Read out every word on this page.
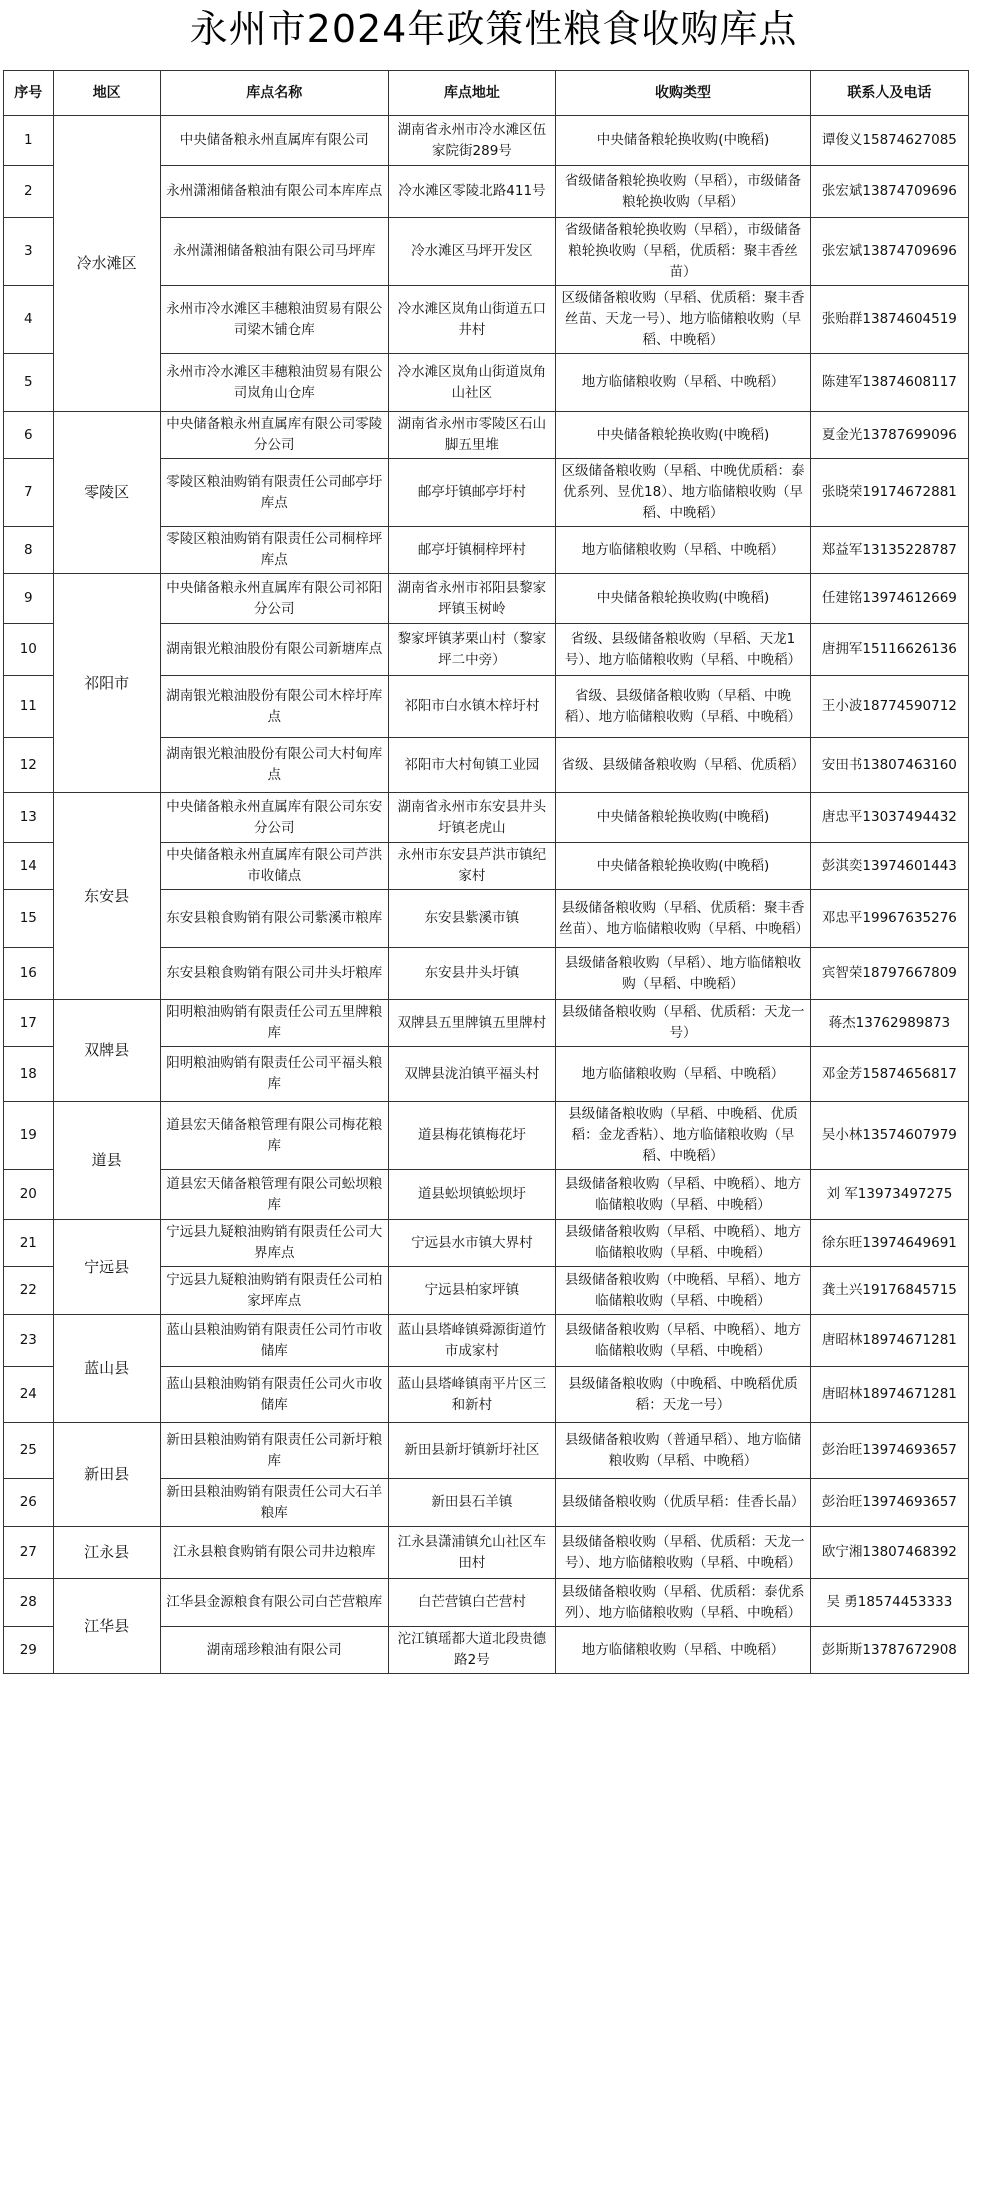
永州市2024年政策性粮食收购库点
序号	地区	库点名称	库点地址	收购类型	联系人及电话
1	冷水滩区	中央储备粮永州直属库有限公司	湖南省永州市冷水滩区伍家院街289号	中央储备粮轮换收购(中晚稻)	谭俊义15874627085
2		永州潇湘储备粮油有限公司本库库点	冷水滩区零陵北路411号	省级储备粮轮换收购（早稻），市级储备粮轮换收购（早稻）	张宏斌13874709696
3		永州潇湘储备粮油有限公司马坪库	冷水滩区马坪开发区	省级储备粮轮换收购（早稻），市级储备粮轮换收购（早稻，优质稻：聚丰香丝苗）	张宏斌13874709696
4		永州市冷水滩区丰穗粮油贸易有限公司梁木铺仓库	冷水滩区岚角山街道五口井村	区级储备粮收购（早稻、优质稻：聚丰香丝苗、天龙一号）、地方临储粮收购（早稻、中晚稻）	张贻群13874604519
5		永州市冷水滩区丰穗粮油贸易有限公司岚角山仓库	冷水滩区岚角山街道岚角山社区	地方临储粮收购（早稻、中晚稻）	陈建军13874608117
6	零陵区	中央储备粮永州直属库有限公司零陵分公司	湖南省永州市零陵区石山脚五里堆	中央储备粮轮换收购(中晚稻)	夏金光13787699096
7		零陵区粮油购销有限责任公司邮亭圩库点	邮亭圩镇邮亭圩村	区级储备粮收购（早稻、中晚优质稻：泰优系列、昱优18）、地方临储粮收购（早稻、中晚稻）	张晓荣19174672881
8		零陵区粮油购销有限责任公司桐梓坪库点	邮亭圩镇桐梓坪村	地方临储粮收购（早稻、中晚稻）	郑益军13135228787
9	祁阳市	中央储备粮永州直属库有限公司祁阳分公司	湖南省永州市祁阳县黎家坪镇玉树岭	中央储备粮轮换收购(中晚稻)	任建铭13974612669
10		湖南银光粮油股份有限公司新塘库点	黎家坪镇茅栗山村（黎家坪二中旁）	省级、县级储备粮收购（早稻、天龙1号）、地方临储粮收购（早稻、中晚稻）	唐拥军15116626136
11		湖南银光粮油股份有限公司木梓圩库点	祁阳市白水镇木梓圩村	省级、县级储备粮收购（早稻、中晚稻）、地方临储粮收购（早稻、中晚稻）	王小波18774590712
12		湖南银光粮油股份有限公司大村甸库点	祁阳市大村甸镇工业园	省级、县级储备粮收购（早稻、优质稻）	安田书13807463160
13	东安县	中央储备粮永州直属库有限公司东安分公司	湖南省永州市东安县井头圩镇老虎山	中央储备粮轮换收购(中晚稻)	唐忠平13037494432
14		中央储备粮永州直属库有限公司芦洪市收储点	永州市东安县芦洪市镇纪家村	中央储备粮轮换收购(中晚稻)	彭淇奕13974601443
15		东安县粮食购销有限公司紫溪市粮库	东安县紫溪市镇	县级储备粮收购（早稻、优质稻：聚丰香丝苗）、地方临储粮收购（早稻、中晚稻）	邓忠平19967635276
16		东安县粮食购销有限公司井头圩粮库	东安县井头圩镇	县级储备粮收购（早稻）、地方临储粮收购（早稻、中晚稻）	宾智荣18797667809
17	双牌县	阳明粮油购销有限责任公司五里牌粮库	双牌县五里牌镇五里牌村	县级储备粮收购（早稻、优质稻：天龙一号）	蒋杰13762989873
18		阳明粮油购销有限责任公司平福头粮库	双牌县泷泊镇平福头村	地方临储粮收购（早稻、中晚稻）	邓金芳15874656817
19	道县	道县宏天储备粮管理有限公司梅花粮库	道县梅花镇梅花圩	县级储备粮收购（早稻、中晚稻、优质稻：金龙香粘）、地方临储粮收购（早稻、中晚稻）	吴小林13574607979
20		道县宏天储备粮管理有限公司蚣坝粮库	道县蚣坝镇蚣坝圩	县级储备粮收购（早稻、中晚稻）、地方临储粮收购（早稻、中晚稻）	刘 军13973497275
21	宁远县	宁远县九疑粮油购销有限责任公司大界库点	宁远县水市镇大界村	县级储备粮收购（早稻、中晚稻）、地方临储粮收购（早稻、中晚稻）	徐东旺13974649691
22		宁远县九疑粮油购销有限责任公司柏家坪库点	宁远县柏家坪镇	县级储备粮收购（中晚稻、早稻）、地方临储粮收购（早稻、中晚稻）	龚土兴19176845715
23	蓝山县	蓝山县粮油购销有限责任公司竹市收储库	蓝山县塔峰镇舜源街道竹市成家村	县级储备粮收购（早稻、中晚稻）、地方临储粮收购（早稻、中晚稻）	唐昭林18974671281
24		蓝山县粮油购销有限责任公司火市收储库	蓝山县塔峰镇南平片区三和新村	县级储备粮收购（中晚稻、中晚稻优质稻：天龙一号）	唐昭林18974671281
25	新田县	新田县粮油购销有限责任公司新圩粮库	新田县新圩镇新圩社区	县级储备粮收购（普通早稻）、地方临储粮收购（早稻、中晚稻）	彭治旺13974693657
26		新田县粮油购销有限责任公司大石羊粮库	新田县石羊镇	县级储备粮收购（优质早稻：佳香长晶）	彭治旺13974693657
27	江永县	江永县粮食购销有限公司井边粮库	江永县潇浦镇允山社区车田村	县级储备粮收购（早稻、优质稻：天龙一号）、地方临储粮收购（早稻、中晚稻）	欧宁湘13807468392
28	江华县	江华县金源粮食有限公司白芒营粮库	白芒营镇白芒营村	县级储备粮收购（早稻、优质稻：泰优系列）、地方临储粮收购（早稻、中晚稻）	吴 勇18574453333
29		湖南瑶珍粮油有限公司	沱江镇瑶都大道北段贵德路2号	地方临储粮收购（早稻、中晚稻）	彭斯斯13787672908
